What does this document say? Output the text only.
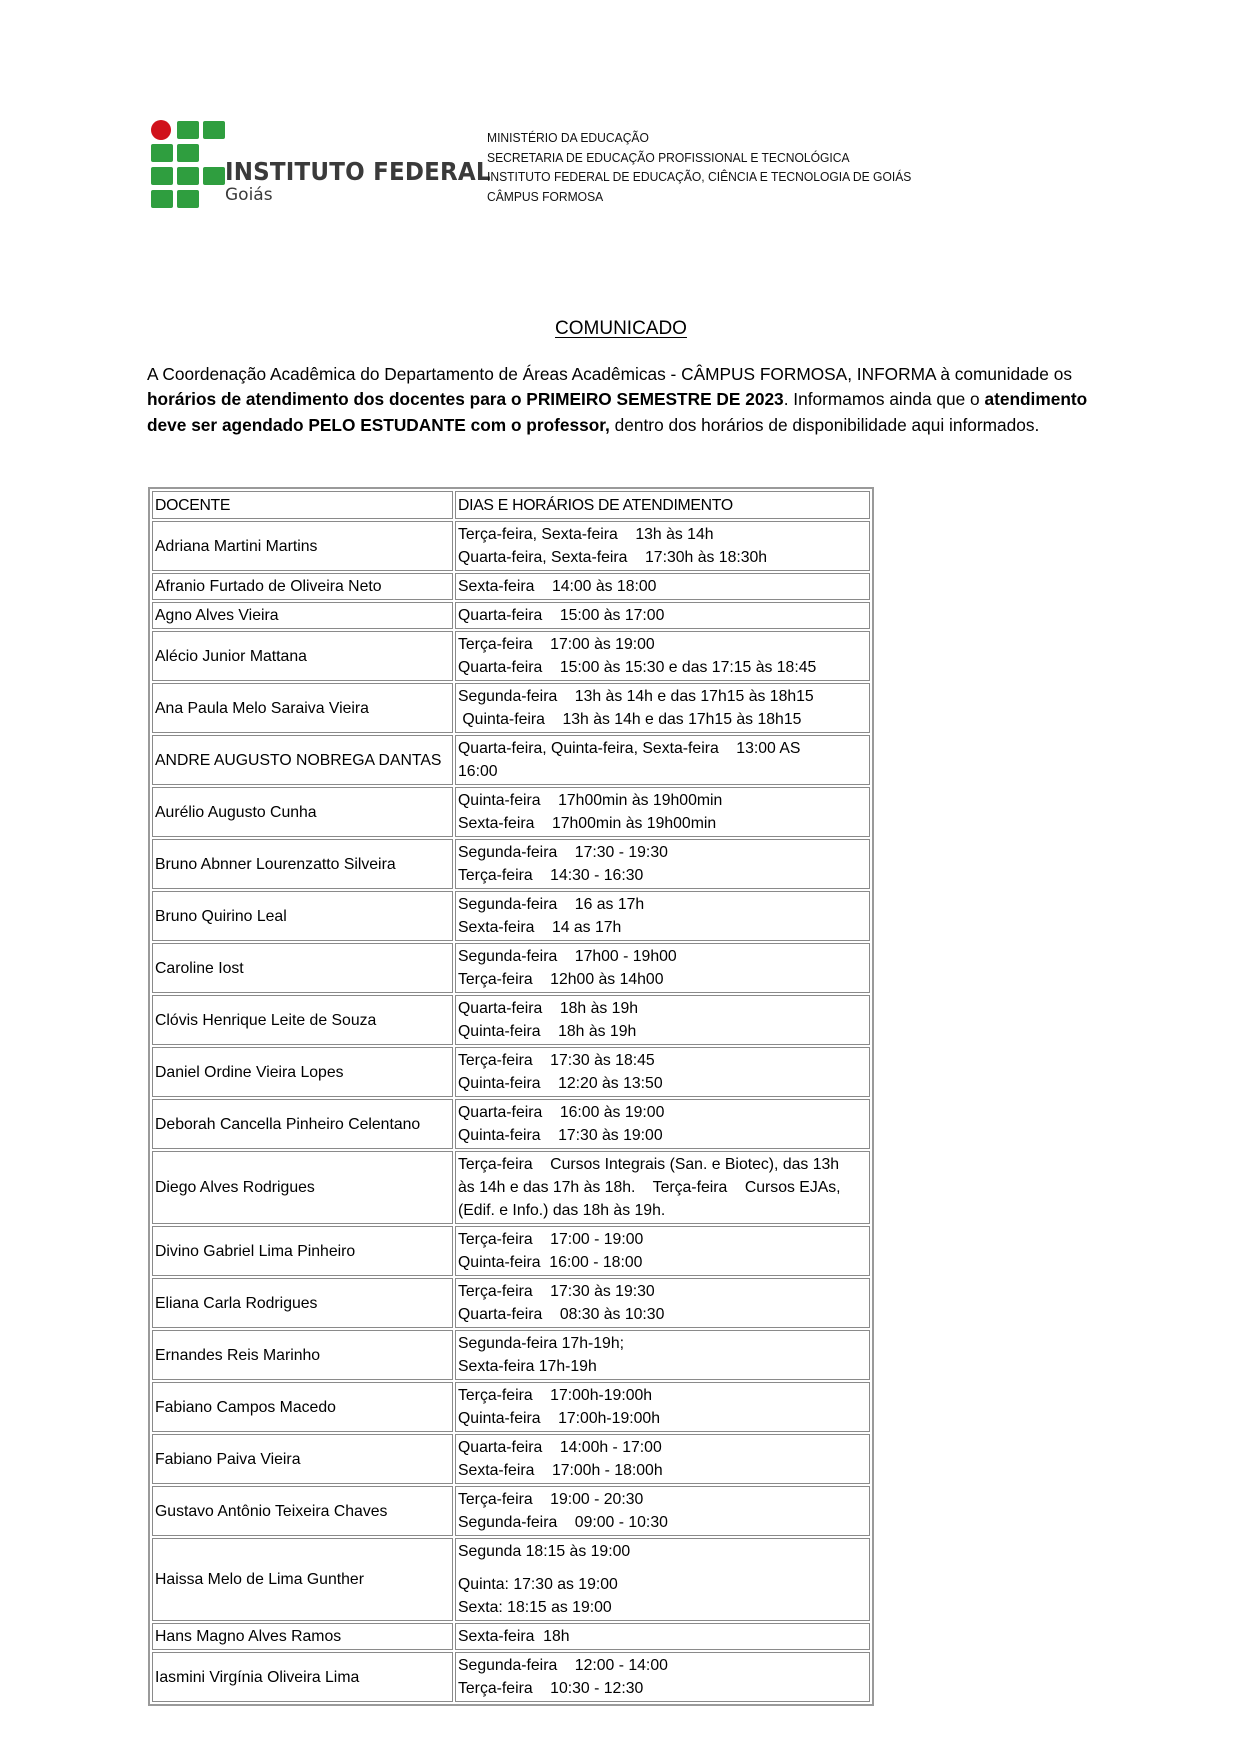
INSTITUTO FEDERAL
Goiás
MINISTÉRIO DA EDUCAÇÃO
SECRETARIA DE EDUCAÇÃO PROFISSIONAL E TECNOLÓGICA
INSTITUTO FEDERAL DE EDUCAÇÃO, CIÊNCIA E TECNOLOGIA DE GOIÁS
CÂMPUS FORMOSA
COMUNICADO
A Coordenação Acadêmica do Departamento de Áreas Acadêmicas - CÂMPUS FORMOSA, INFORMA à comunidade os horários de atendimento dos docentes para o PRIMEIRO SEMESTRE DE 2023. Informamos ainda que o atendimento deve ser agendado PELO ESTUDANTE com o professor, dentro dos horários de disponibilidade aqui informados.
DOCENTE	DIAS E HORÁRIOS DE ATENDIMENTO
Adriana Martini Martins	Terça-feira, Sexta-feira    13h às 14h
Quarta-feira, Sexta-feira    17:30h às 18:30h

Afranio Furtado de Oliveira Neto	Sexta-feira    14:00 às 18:00

Agno Alves Vieira	Quarta-feira    15:00 às 17:00

Alécio Junior Mattana	Terça-feira    17:00 às 19:00
Quarta-feira    15:00 às 15:30 e das 17:15 às 18:45

Ana Paula Melo Saraiva Vieira	Segunda-feira    13h às 14h e das 17h15 às 18h15
Quinta-feira    13h às 14h e das 17h15 às 18h15

ANDRE AUGUSTO NOBREGA DANTAS	Quarta-feira, Quinta-feira, Sexta-feira    13:00 AS
16:00

Aurélio Augusto Cunha	Quinta-feira    17h00min às 19h00min
Sexta-feira    17h00min às 19h00min

Bruno Abnner Lourenzatto Silveira	Segunda-feira    17:30 - 19:30
Terça-feira    14:30 - 16:30

Bruno Quirino Leal	Segunda-feira    16 as 17h
Sexta-feira    14 as 17h

Caroline Iost	Segunda-feira    17h00 - 19h00
Terça-feira    12h00 às 14h00

Clóvis Henrique Leite de Souza	Quarta-feira    18h às 19h
Quinta-feira    18h às 19h

Daniel Ordine Vieira Lopes	Terça-feira    17:30 às 18:45
Quinta-feira    12:20 às 13:50

Deborah Cancella Pinheiro Celentano	Quarta-feira    16:00 às 19:00
Quinta-feira    17:30 às 19:00

Diego Alves Rodrigues	Terça-feira    Cursos Integrais (San. e Biotec), das 13h
às 14h e das 17h às 18h.    Terça-feira    Cursos EJAs,
(Edif. e Info.) das 18h às 19h.

Divino Gabriel Lima Pinheiro	Terça-feira    17:00 - 19:00
Quinta-feira  16:00 - 18:00

Eliana Carla Rodrigues	Terça-feira    17:30 às 19:30
Quarta-feira    08:30 às 10:30

Ernandes Reis Marinho	Segunda-feira 17h-19h;
Sexta-feira 17h-19h

Fabiano Campos Macedo	Terça-feira    17:00h-19:00h
Quinta-feira    17:00h-19:00h

Fabiano Paiva Vieira	Quarta-feira    14:00h - 17:00
Sexta-feira    17:00h - 18:00h

Gustavo Antônio Teixeira Chaves	Terça-feira    19:00 - 20:30
Segunda-feira    09:00 - 10:30

Haissa Melo de Lima Gunther	Segunda 18:15 às 19:00
Quinta: 17:30 as 19:00
Sexta: 18:15 as 19:00

Hans Magno Alves Ramos	Sexta-feira  18h

Iasmini Virgínia Oliveira Lima	Segunda-feira    12:00 - 14:00
Terça-feira    10:30 - 12:30
